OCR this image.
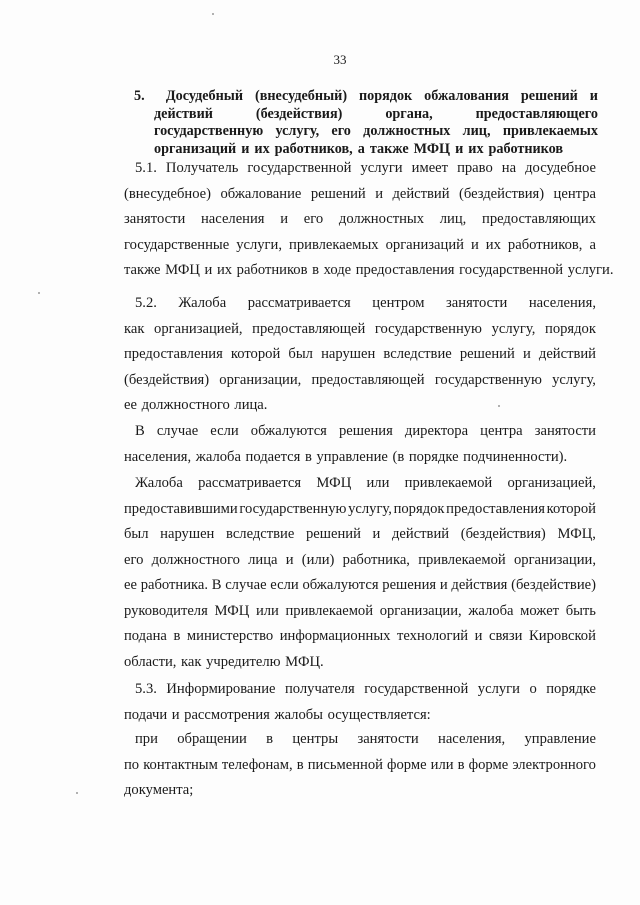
33
5.	Досудебный (внесудебный) порядок обжалования решений и
действий	(бездействия)	органа,	предоставляющего
государственную услугу, его должностных лиц, привлекаемых
организаций и их работников, а также МФЦ и их работников
5.1. Получатель государственной услуги имеет право на досудебное
(внесудебное) обжалование решений и действий (бездействия) центра
занятости населения и его должностных лиц, предоставляющих
государственные услуги, привлекаемых организаций и их работников, а
также МФЦ и их работников в ходе предоставления государственной услуги.
5.2. Жалоба рассматривается центром занятости населения,
как организацией, предоставляющей государственную услугу, порядок
предоставления которой был нарушен вследствие решений и действий
(бездействия) организации, предоставляющей государственную услугу,
ее должностного лица.
В случае если обжалуются решения директора центра занятости
населения, жалоба подается в управление (в порядке подчиненности).
Жалоба рассматривается МФЦ или привлекаемой организацией,
предоставившими государственную услугу, порядок предоставления которой
был нарушен вследствие решений и действий (бездействия) МФЦ,
его должностного лица и (или) работника, привлекаемой организации,
ее работника. В случае если обжалуются решения и действия (бездействие)
руководителя МФЦ или привлекаемой организации, жалоба может быть
подана в министерство информационных технологий и связи Кировской
области, как учредителю МФЦ.
5.3. Информирование получателя государственной услуги о порядке
подачи и рассмотрения жалобы осуществляется:
при обращении в центры занятости населения, управление
по контактным телефонам, в письменной форме или в форме электронного
документа;
